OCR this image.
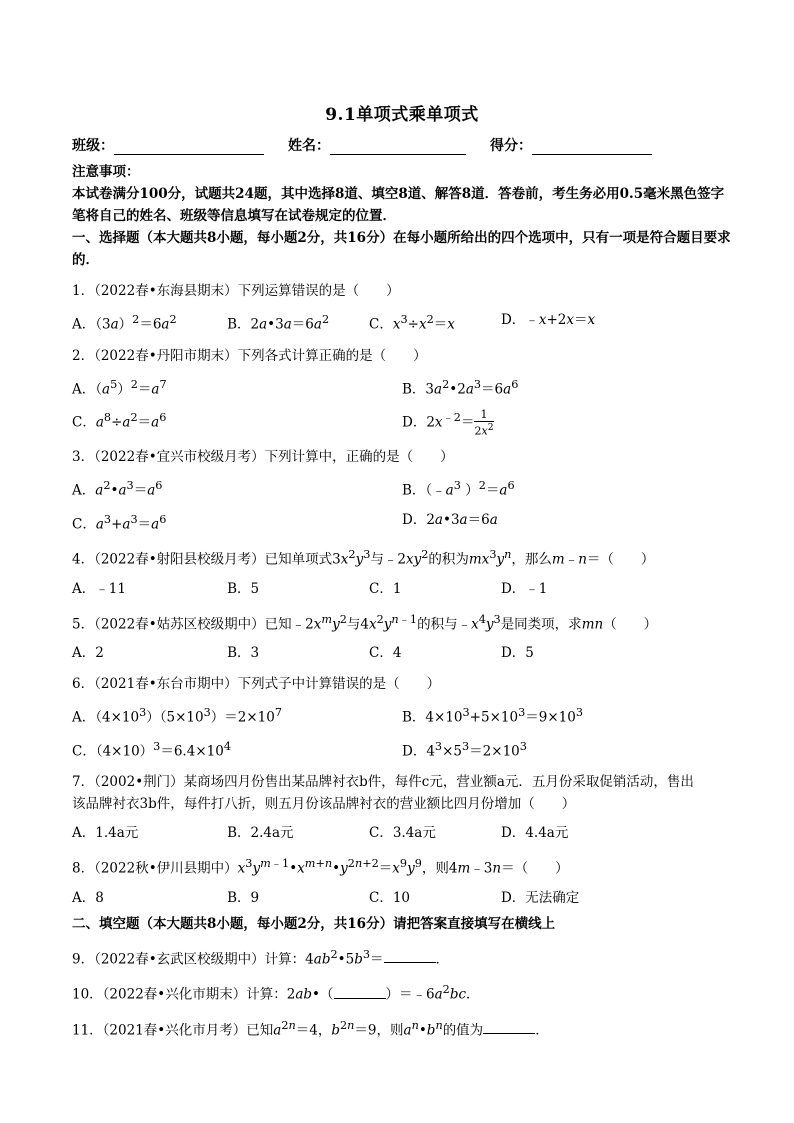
9.1单项式乘单项式
班级：	姓名：	得分：

注意事项：

本试卷满分100分，试题共24题，其中选择8道、填空8道、解答8道．答卷前，考生务必用0.5毫米黑色签字笔将自己的姓名、班级等信息填写在试卷规定的位置．

一、选择题（本大题共8小题，每小题2分，共16分）在每小题所给出的四个选项中，只有一项是符合题目要求的．

1．（2022春•东海县期末）下列运算错误的是（　　）

A．$(3a)^2=6a^2$	B．$2a•3a=6a^2$	C．$x^3\div x^2=x$	D．﹣x+2x＝x

2．（2022春•丹阳市期末）下列各式计算正确的是（　　）

A．$(a^5)^2=a^7$	B．$3a^2•2a^3=6a^6$
C．$a^8\div a^2=a^6$	D．$2x^{﹣2}= \frac{1}{2x^2}$

3．（2022春•宜兴市校级月考）下列计算中，正确的是（　　）

A．$a^2•a^3=a^6$	B．（$﹣a^3$ ）$^2=a^6$
C．$a^3+a^3=a^6$	D．2a•3a＝6a

4．（2022春•射阳县校级月考）已知单项式$3x^2y^3$与$﹣2xy^2$的积为$mx^3y^n$，那么m﹣n＝（　　）

A．﹣11	B．5	C．1	D．﹣1

5．（2022春•姑苏区校级期中）已知$﹣2x^my^2$与$4x^2y^{n﹣1}$的积与$﹣x^4y^3$是同类项，求mn（　　）

A．2	B．3	C．4	D．5

6．（2021春•东台市期中）下列式子中计算错误的是（　　）

A．$(4\times 10^3)(5\times 10^3)=2\times 10^7$	B．$4\times 10^3+5\times 10^3=9\times 10^3$
C．$(4\times 10)^3=6.4\times 10^4$	D．$4^3\times 5^3=2\times 10^3$

7．（2002•荆门）某商场四月份售出某品牌衬衣b件，每件c元，营业额a元．五月份采取促销活动，售出

该品牌衬衣3b件，每件打八折，则五月份该品牌衬衣的营业额比四月份增加（　　）

A．1.4a元	B．2.4a元	C．3.4a元	D．4.4a元

8．（2022秋•伊川县期中）$x^3y^{m﹣1}•x^{m+n}•y^{2n+2}=x^9y^9$，则4m﹣3n＝（　　）

A．8	B．9	C．10	D．无法确定

二、填空题（本大题共8小题，每小题2分，共16分）请把答案直接填写在横线上

9．（2022春•玄武区校级期中）计算：$4ab^2•5b^3=$	．

10．（2022春•兴化市期末）计算：2ab•（	）$=﹣6a^2bc$．

11．（2021春•兴化市月考）已知$a^{2n}=4$，$b^{2n}=9$，则$a^n•b^n$的值为	．
